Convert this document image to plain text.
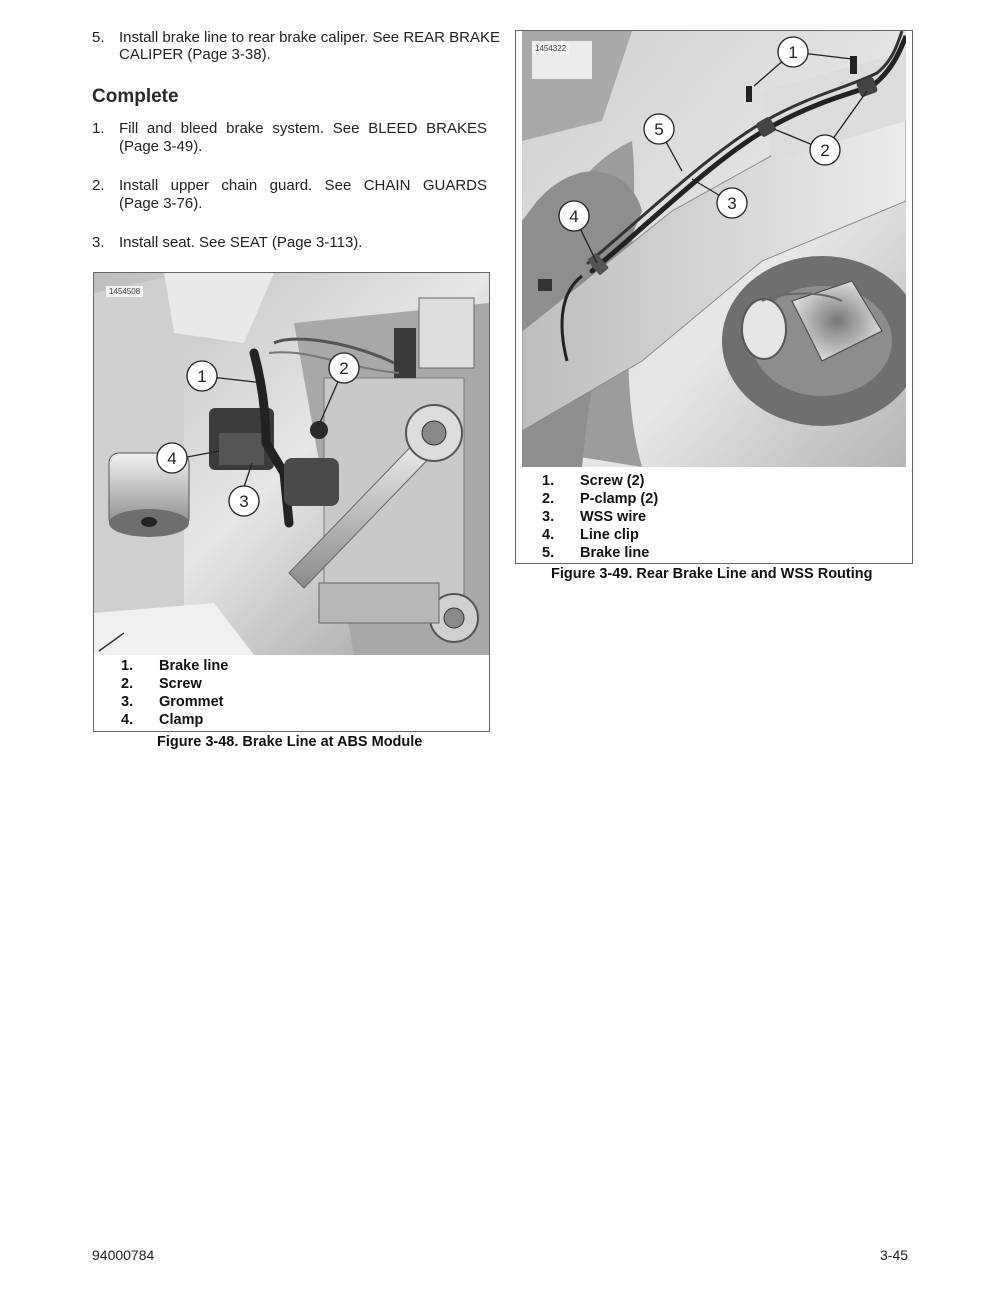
5. Install brake line to rear brake caliper. See REAR BRAKE
CALIPER (Page 3-38).
Complete
1. Fill and bleed brake system. See BLEED BRAKES
(Page 3-49).
2. Install upper chain guard. See CHAIN GUARDS
(Page 3-76).
3. Install seat. See SEAT (Page 3-113).
1	2
3
4
1454508
1. Brake line
2. Screw
3. Grommet
4. Clamp
Figure 3-48. Brake Line at ABS Module
1
2
3
4
5
1454322
1. Screw (2)
2. P-clamp (2)
3. WSS wire
4. Line clip
5. Brake line
Figure 3-49. Rear Brake Line and WSS Routing
94000784	3-45
